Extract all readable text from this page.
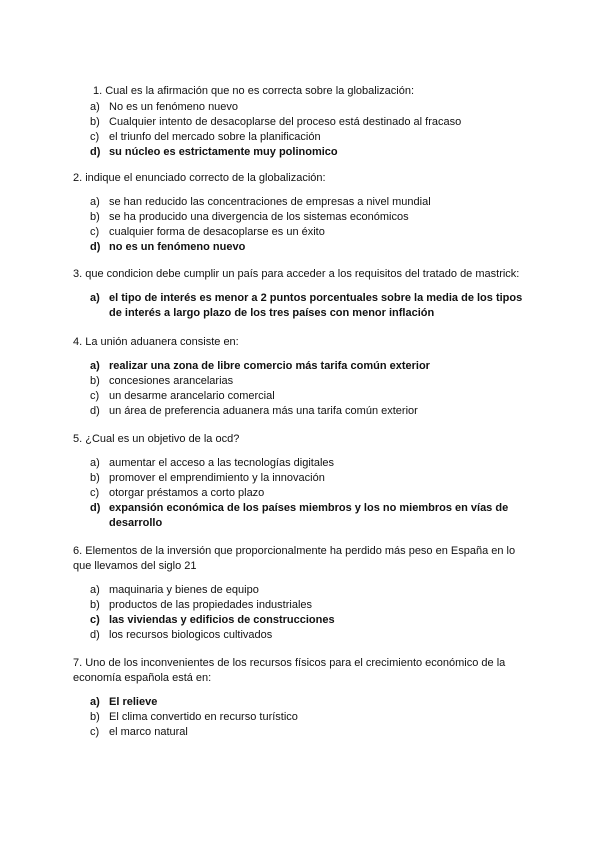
1. Cual es la afirmación que no es correcta sobre la globalización:

a) No es un fenómeno nuevo
b) Cualquier intento de desacoplarse del proceso está destinado al fracaso
c) el triunfo del mercado sobre la planificación
d) su núcleo es estrictamente muy polinomico

2. indique el enunciado correcto de la globalización:

a) se han reducido las concentraciones de empresas a nivel mundial
b) se ha producido una divergencia de los sistemas económicos
c) cualquier forma de desacoplarse es un éxito
d) no es un fenómeno nuevo

3. que condicion debe cumplir un país para acceder a los requisitos del tratado de mastrick:

a) el tipo de interés es menor a 2 puntos porcentuales sobre la media de los tipos de interés a largo plazo de los tres países con menor inflación

4. La unión aduanera consiste en:

a) realizar una zona de libre comercio más tarifa común exterior
b) concesiones arancelarias
c) un desarme arancelario comercial
d) un área de preferencia aduanera más una tarifa común exterior

5. ¿Cual es un objetivo de la ocd?

a) aumentar el acceso a las tecnologías digitales
b) promover el emprendimiento y la innovación
c) otorgar préstamos a corto plazo
d) expansión económica de los países miembros y los no miembros en vías de desarrollo

6. Elementos de la inversión que proporcionalmente ha perdido más peso en España en lo que llevamos del siglo 21

a) maquinaria y bienes de equipo
b) productos de las propiedades industriales
c) las viviendas y edificios de construcciones
d) los recursos biologicos cultivados

7. Uno de los inconvenientes de los recursos físicos para el crecimiento económico de la economía española está en:

a) El relieve
b) El clima convertido en recurso turístico
c) el marco natural
